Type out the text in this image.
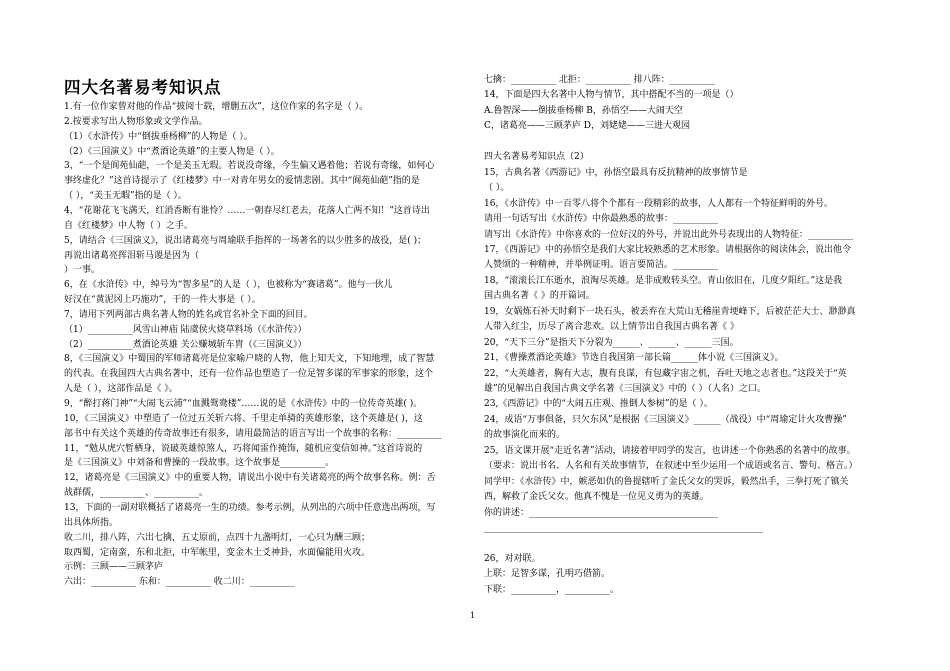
四大名著易考知识点
1.有一位作家曾对他的作品“披阅十载，增删五次”，这位作家的名字是（ ）。
2.按要求写出人物形象或文学作品。
（1）《水浒传》中“倒拔垂杨柳”的人物是（ ）。
（2）《三国演义》中“煮酒论英雄”的主要人物是（ ）。
3，“一个是阆苑仙葩，一个是美玉无瑕。若说没奇缘，今生偏又遇着他；若说有奇缘，如何心
事终虚化？”这首诗提示了《红楼梦》中一对青年男女的爱情悲剧。其中“阆苑仙葩”指的是
（ ），“美玉无暇”指的是（ ）。
4，“花谢花飞飞满天，红消香断有谁怜？……一朝春尽红老去，花落人亡两不知！”这首诗出
自《红楼梦》中人物（ ）之手。
5，请结合《三国演义》，说出诸葛亮与周瑜联手指挥的一场著名的以少胜多的战役，是( )；
再说出诸葛亮挥泪斩马谡是因为（
）一事。
6，在《水浒传》中，绰号为“智多星”的人是（ ），也被称为“赛诸葛”。他与一伙儿
好汉在“黄泥冈上巧施功”，干的一件大事是（ ）。
7，请用下列两部古典名著人物的姓名或官名补全下面的回目。
（1）__________风雪山神庙 陆虞侯火烧草料场（《水浒传》）
（2）__________煮酒论英雄 关公赚城斩车胄（《三国演义》）
8，《三国演义》中蜀国的军师诸葛亮是位家喻户晓的人物，他上知天文，下知地理，成了智慧
的代表。在我国四大古典名著中，还有一位作品也塑造了一位足智多谋的军事家的形象，这个
人是（ ），这部作品是《 》。
9，“醉打蒋门神”“大闹飞云浦”“血溅鸳鸯楼”……说的是《水浒传》中的一位传奇英雄( )。
10，《三国演义》中塑造了一位过五关斩六将、千里走单骑的英雄形象，这个英雄是( )，这
部书中有关这个英雄的传奇故事还有很多，请用最简洁的语言写出一个故事的名称：__________
11，“勉从虎穴暂栖身，说破英雄惊煞人，巧将闻雷作掩饰，随机应变信如神。”这首诗说的
是《三国演义》中刘备和曹操的一段故事。这个故事是__________。
12，诸葛亮是《三国演义》中的重要人物，请说出小说中有关诸葛亮的两个故事名称。例：舌
战群儒，__________、__________。
13，下面的一副对联概括了诸葛亮一生的功绩。参考示例，从列出的六项中任意选出两项，写
出具体所指。
收二川，排八阵，六出七擒，五丈原前，点四十九盏明灯，一心只为酬三顾；
取西蜀，定南蛮，东和北拒，中军帐里，变金木土爻神卦，水面偏能用火攻。
示例：三顾——三顾茅庐
六出：__________ 东和：__________ 收二川：__________
七擒：__________ 北拒：__________ 排八阵：__________
14，下面是四大名著中人物与情节，其中搭配不当的一项是（）
A.鲁智深——倒拔垂杨柳 B，孙悟空——大闹天空
C，诸葛亮——三顾茅庐 D，刘姥姥——三进大观园
四大名著易考知识点（2）
15，古典名著《西游记》中，孙悟空最具有反抗精神的故事情节是
（ ）。
16，《水浒传》中一百零八将个个都有一段精彩的故事，人人都有一个特征鲜明的外号。
请用一句话写出《水浒传》中你最熟悉的故事：__________
请写出《水浒传》中你喜欢的一位好汉的外号，并说出此外号表现出的人物特征：__________
17，《西游记》中的孙悟空是我们大家比较熟悉的艺术形象。请根据你的阅读体会，说出他令
人赞颂的一种精神，并举例证明。语言要简洁。__________
18，“滚滚长江东逝水，浪淘尽英雄。是非成败转头空。青山依旧在，几度夕阳红。”这是我
国古典名著《 》的开篇词。
19，女娲炼石补天时剩下一块石头，被丢弃在大荒山无稽崖青埂峰下，后被茫茫大士、渺渺真
人带入红尘，历尽了离合悲欢。以上情节出自我国古典名著《 》
20，“天下三分”是指天下分裂为______、______、______三国。
21，《曹操煮酒论英雄》节选自我国第一部长篇______体小说《三国演义》。
22，“大英雄者，胸有大志，腹有良谋，有包藏宇宙之机，吞吐天地之志者也。”这段关于“英
雄”的见解出自我国古典文学名著《三国演义》中的（ ）（人名）之口。
23,《西游记》中的“大闹五庄观、推倒人参树”的是（ ）。
24，成语“万事俱备，只欠东风”是根据《三国演义》______（战役）中“周瑜定计火攻曹操”
的故事演化而来的。
25，语文课开展“走近名著”活动，请接着甲同学的发言，也讲述一个你熟悉的名著中的故事。
（要求：说出书名、人名和有关故事情节，在叙述中至少运用一个成语或名言、警句、格言。）
同学甲：《水浒传》中，嫉恶如仇的鲁提辖听了金氏父女的哭诉，毅然出手，三拳打死了镇关
西，解救了金氏父女。他真不愧是一位见义勇为的英雄。
你的讲述：__________________________________________
______________________________________________________________
26，对对联。
上联：足智多谋，孔明巧借箭。
下联：__________，__________。
1
